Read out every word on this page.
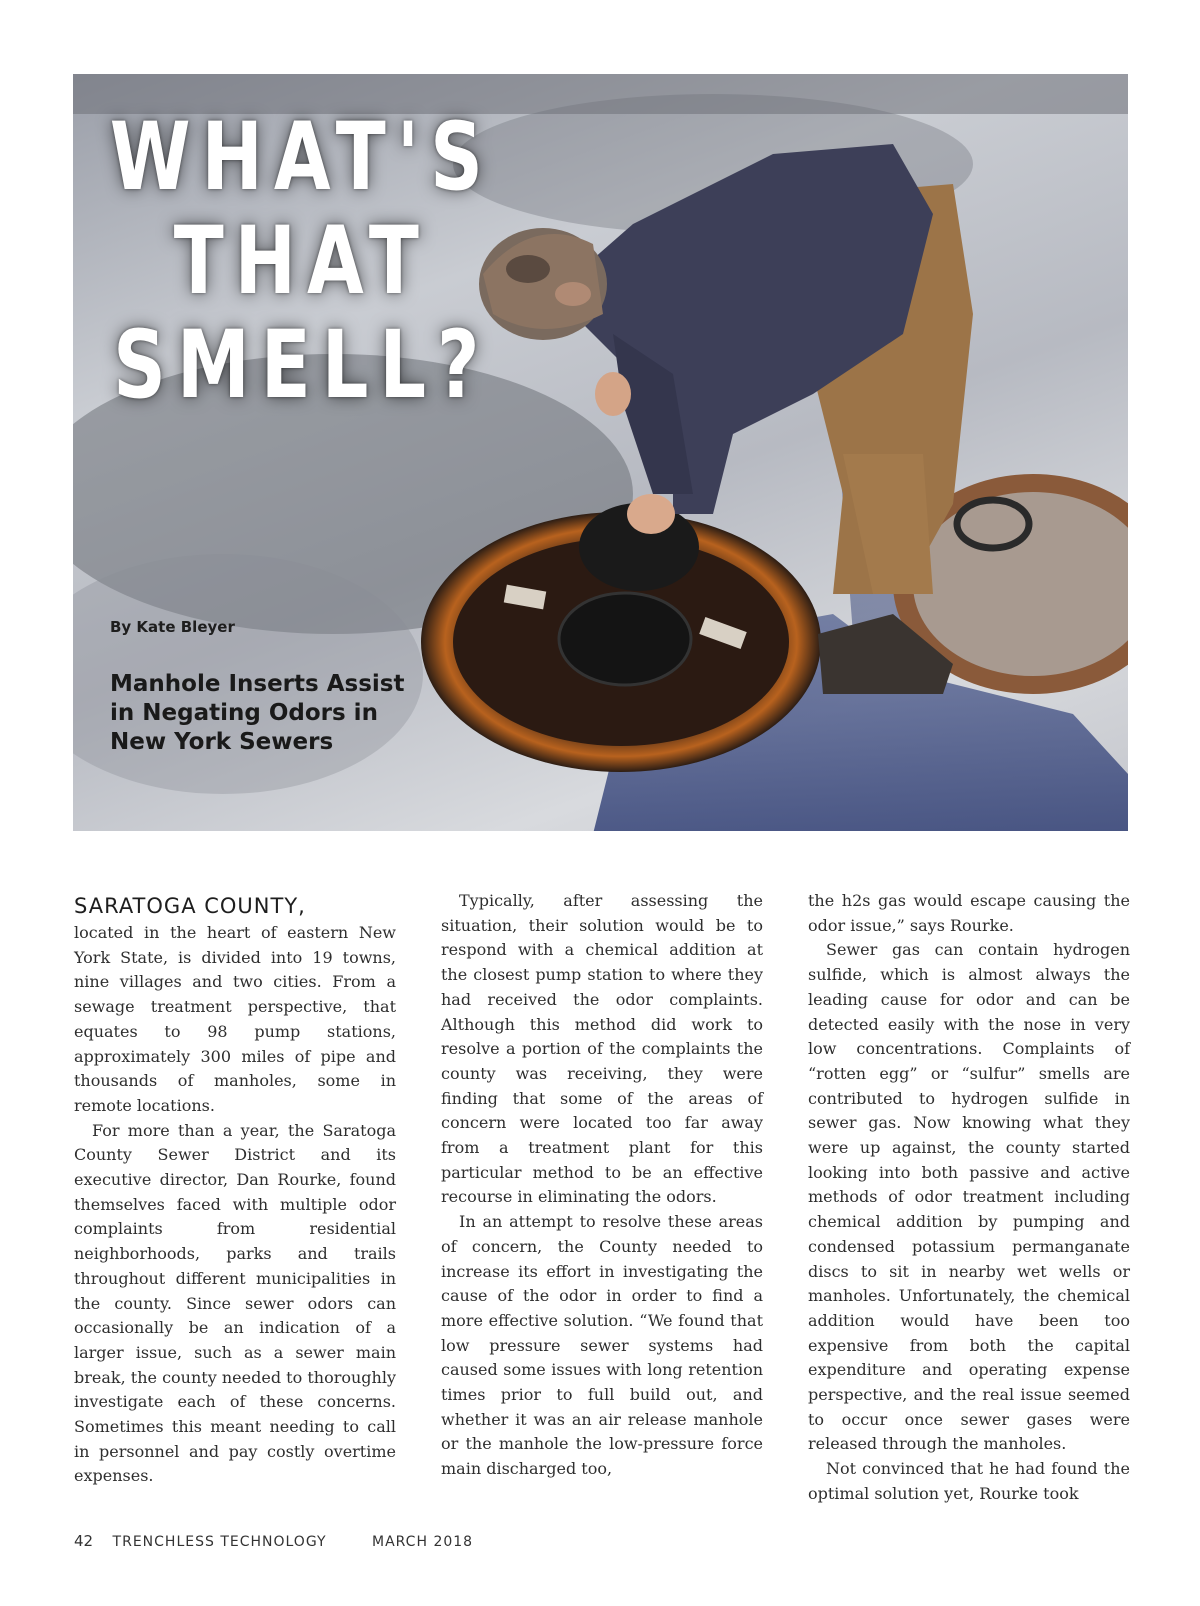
WHAT'S
THAT
SMELL?

By Kate Bleyer

Manhole Inserts Assist in Negating Odors in New York Sewers

SARATOGA COUNTY,

located in the heart of eastern New York State, is divided into 19 towns, nine villages and two cities. From a sewage treatment perspective, that equates to 98 pump stations, approximately 300 miles of pipe and thousands of manholes, some in remote locations.

For more than a year, the Saratoga County Sewer District and its executive director, Dan Rourke, found themselves faced with multiple odor complaints from residential neighborhoods, parks and trails throughout different municipalities in the county. Since sewer odors can occasionally be an indication of a larger issue, such as a sewer main break, the county needed to thoroughly investigate each of these concerns. Sometimes this meant needing to call in personnel and pay costly overtime expenses.

Typically, after assessing the situation, their solution would be to respond with a chemical addition at the closest pump station to where they had received the odor complaints. Although this method did work to resolve a portion of the complaints the county was receiving, they were finding that some of the areas of concern were located too far away from a treatment plant for this particular method to be an effective recourse in eliminating the odors.

In an attempt to resolve these areas of concern, the County needed to increase its effort in investigating the cause of the odor in order to find a more effective solution. “We found that low pressure sewer systems had caused some issues with long retention times prior to full build out, and whether it was an air release manhole or the manhole the low-pressure force main discharged too,

the h2s gas would escape causing the odor issue,” says Rourke.

Sewer gas can contain hydrogen sulfide, which is almost always the leading cause for odor and can be detected easily with the nose in very low concentrations. Complaints of “rotten egg” or “sulfur” smells are contributed to hydrogen sulfide in sewer gas. Now knowing what they were up against, the county started looking into both passive and active methods of odor treatment including chemical addition by pumping and condensed potassium permanganate discs to sit in nearby wet wells or manholes. Unfortunately, the chemical addition would have been too expensive from both the capital expenditure and operating expense perspective, and the real issue seemed to occur once sewer gases were released through the manholes.

Not convinced that he had found the optimal solution yet, Rourke took

42 TRENCHLESS TECHNOLOGY	MARCH 2018
